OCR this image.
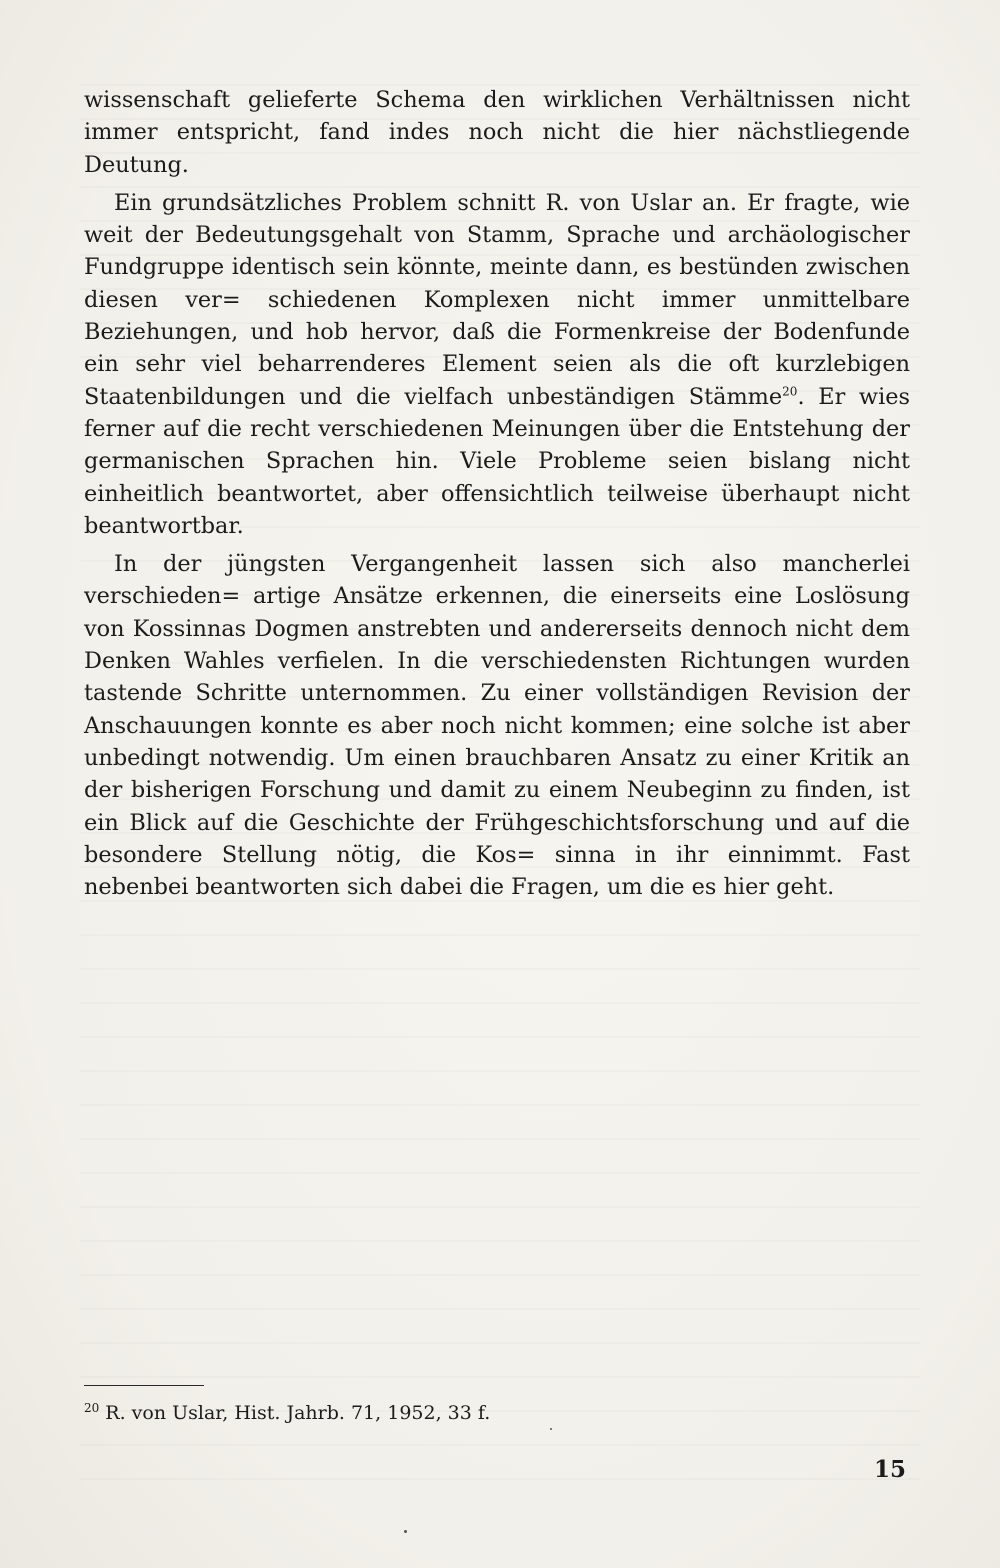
wissenschaft gelieferte Schema den wirklichen Verhältnissen nicht immer entspricht, fand indes noch nicht die hier nächstliegende Deutung.

Ein grundsätzliches Problem schnitt R. von Uslar an. Er fragte, wie weit der Bedeutungsgehalt von Stamm, Sprache und archäologischer Fundgruppe identisch sein könnte, meinte dann, es bestünden zwischen diesen ver= schiedenen Komplexen nicht immer unmittelbare Beziehungen, und hob hervor, daß die Formenkreise der Bodenfunde ein sehr viel beharrenderes Element seien als die oft kurzlebigen Staatenbildungen und die vielfach unbeständigen Stämme$^{20}$. Er wies ferner auf die recht verschiedenen Meinungen über die Entstehung der germanischen Sprachen hin. Viele Probleme seien bislang nicht einheitlich beantwortet, aber offensichtlich teilweise überhaupt nicht beantwortbar.

In der jüngsten Vergangenheit lassen sich also mancherlei verschieden= artige Ansätze erkennen, die einerseits eine Loslösung von Kossinnas Dogmen anstrebten und andererseits dennoch nicht dem Denken Wahles verfielen. In die verschiedensten Richtungen wurden tastende Schritte unternommen. Zu einer vollständigen Revision der Anschauungen konnte es aber noch nicht kommen; eine solche ist aber unbedingt notwendig. Um einen brauchbaren Ansatz zu einer Kritik an der bisherigen Forschung und damit zu einem Neubeginn zu finden, ist ein Blick auf die Geschichte der Frühgeschichtsforschung und auf die besondere Stellung nötig, die Kos= sinna in ihr einnimmt. Fast nebenbei beantworten sich dabei die Fragen, um die es hier geht.

$^{20}$ R. von Uslar, Hist. Jahrb. 71, 1952, 33 f.
15
